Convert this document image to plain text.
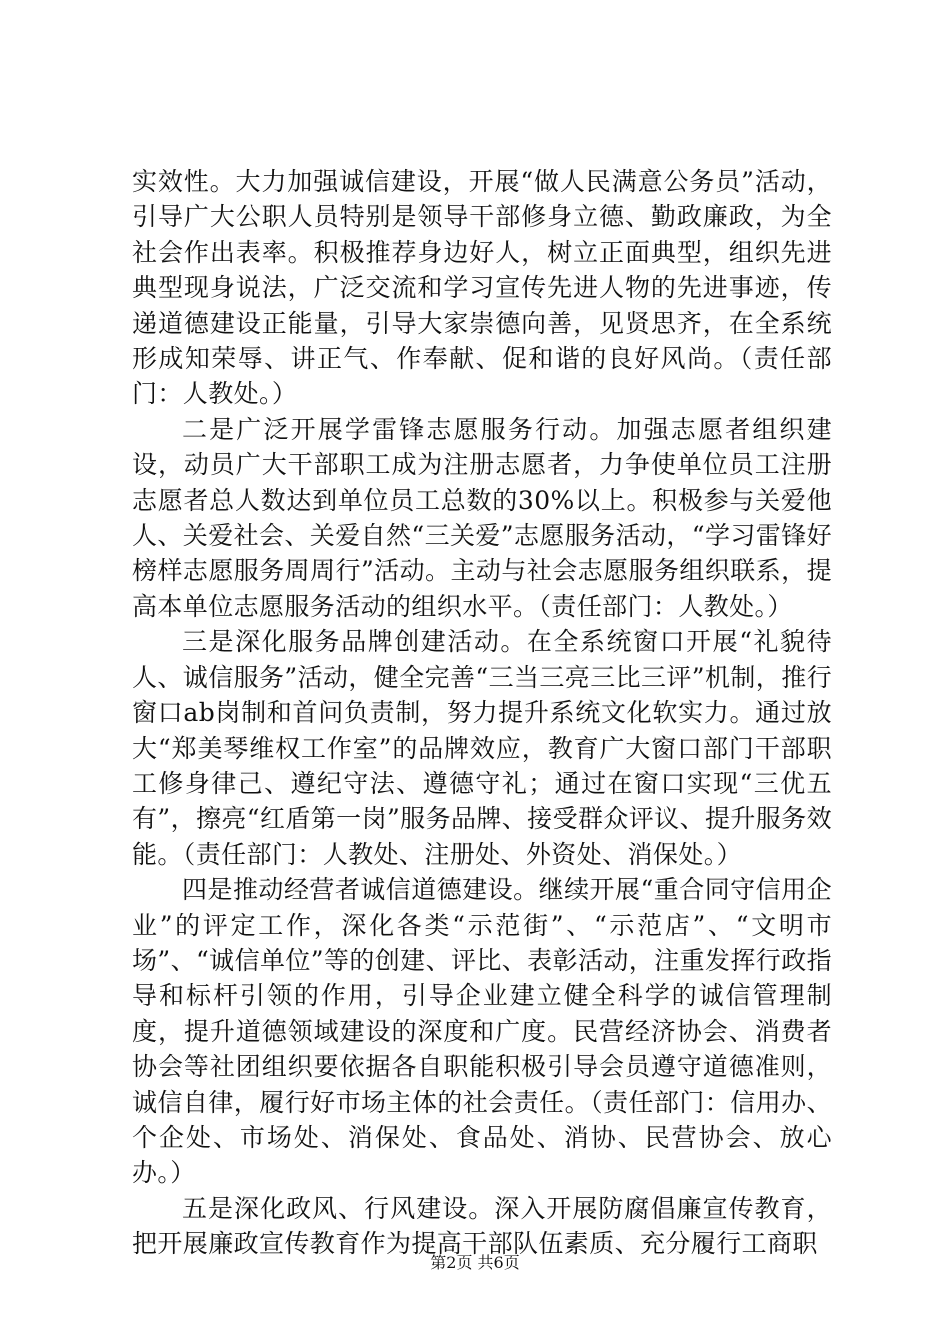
实效性。大力加强诚信建设，开展“做人民满意公务员”活动，引导广大公职人员特别是领导干部修身立德、勤政廉政，为全社会作出表率。积极推荐身边好人，树立正面典型，组织先进典型现身说法，广泛交流和学习宣传先进人物的先进事迹，传递道德建设正能量，引导大家崇德向善，见贤思齐，在全系统形成知荣辱、讲正气、作奉献、促和谐的良好风尚。（责任部门：人教处。）

二是广泛开展学雷锋志愿服务行动。加强志愿者组织建设，动员广大干部职工成为注册志愿者，力争使单位员工注册志愿者总人数达到单位员工总数的30%以上。积极参与关爱他人、关爱社会、关爱自然“三关爱”志愿服务活动，“学习雷锋好榜样志愿服务周周行”活动。主动与社会志愿服务组织联系，提高本单位志愿服务活动的组织水平。（责任部门：人教处。）

三是深化服务品牌创建活动。在全系统窗口开展“礼貌待人、诚信服务”活动，健全完善“三当三亮三比三评”机制，推行窗口ab岗制和首问负责制，努力提升系统文化软实力。通过放大“郑美琴维权工作室”的品牌效应，教育广大窗口部门干部职工修身律己、遵纪守法、遵德守礼；通过在窗口实现“三优五有”，擦亮“红盾第一岗”服务品牌、接受群众评议、提升服务效能。（责任部门：人教处、注册处、外资处、消保处。）

四是推动经营者诚信道德建设。继续开展“重合同守信用企业”的评定工作，深化各类“示范街”、“示范店”、“文明市场”、“诚信单位”等的创建、评比、表彰活动，注重发挥行政指导和标杆引领的作用，引导企业建立健全科学的诚信管理制度，提升道德领域建设的深度和广度。民营经济协会、消费者协会等社团组织要依据各自职能积极引导会员遵守道德准则，诚信自律，履行好市场主体的社会责任。（责任部门：信用办、个企处、市场处、消保处、食品处、消协、民营协会、放心办。）

五是深化政风、行风建设。深入开展防腐倡廉宣传教育，把开展廉政宣传教育作为提高干部队伍素质、充分履行工商职

第2页 共6页
